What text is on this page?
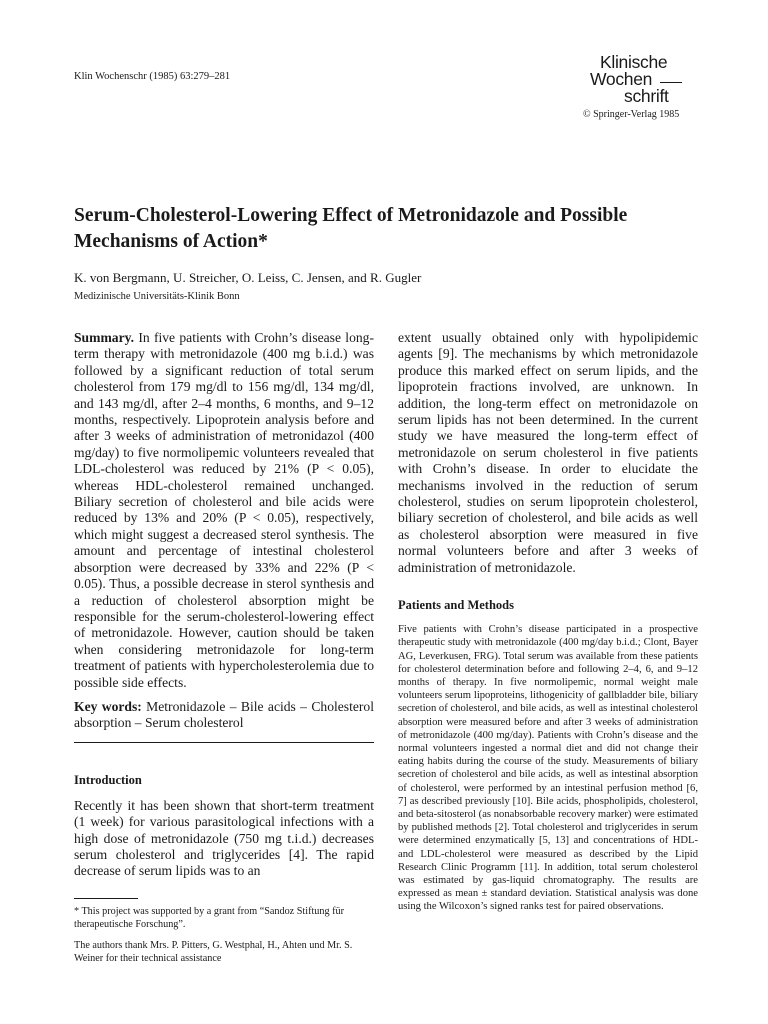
Klin Wochenschr (1985) 63:279–281
Klinische
Wochen
schrift
© Springer-Verlag 1985
Serum-Cholesterol-Lowering Effect of Metronidazole and Possible Mechanisms of Action*
K. von Bergmann, U. Streicher, O. Leiss, C. Jensen, and R. Gugler
Medizinische Universitäts-Klinik Bonn

Summary. In five patients with Crohn’s disease long-term therapy with metronidazole (400 mg b.i.d.) was followed by a significant reduction of total serum cholesterol from 179 mg/dl to 156 mg/dl, 134 mg/dl, and 143 mg/dl, after 2–4 months, 6 months, and 9–12 months, respectively. Lipoprotein analysis before and after 3 weeks of administration of metronidazol (400 mg/day) to five normolipemic volunteers revealed that LDL-cholesterol was reduced by 21% (P < 0.05), whereas HDL-cholesterol remained unchanged. Biliary secretion of cholesterol and bile acids were reduced by 13% and 20% (P < 0.05), respectively, which might suggest a decreased sterol synthesis. The amount and percentage of intestinal cholesterol absorption were decreased by 33% and 22% (P < 0.05). Thus, a possible decrease in sterol synthesis and a reduction of cholesterol absorption might be responsible for the serum-cholesterol-lowering effect of metronidazole. However, caution should be taken when considering metronidazole for long-term treatment of patients with hypercholesterolemia due to possible side effects.

Key words: Metronidazole – Bile acids – Cholesterol absorption – Serum cholesterol

Introduction

Recently it has been shown that short-term treatment (1 week) for various parasitological infections with a high dose of metronidazole (750 mg t.i.d.) decreases serum cholesterol and triglycerides [4]. The rapid decrease of serum lipids was to an

extent usually obtained only with hypolipidemic agents [9]. The mechanisms by which metronidazole produce this marked effect on serum lipids, and the lipoprotein fractions involved, are unknown. In addition, the long-term effect on metronidazole on serum lipids has not been determined. In the current study we have measured the long-term effect of metronidazole on serum cholesterol in five patients with Crohn’s disease. In order to elucidate the mechanisms involved in the reduction of serum cholesterol, studies on serum lipoprotein cholesterol, biliary secretion of cholesterol, and bile acids as well as cholesterol absorption were measured in five normal volunteers before and after 3 weeks of administration of metronidazole.

Patients and Methods

Five patients with Crohn’s disease participated in a prospective therapeutic study with metronidazole (400 mg/day b.i.d.; Clont, Bayer AG, Leverkusen, FRG). Total serum was available from these patients for cholesterol determination before and following 2–4, 6, and 9–12 months of therapy. In five normolipemic, normal weight male volunteers serum lipoproteins, lithogenicity of gallbladder bile, biliary secretion of cholesterol, and bile acids, as well as intestinal cholesterol absorption were measured before and after 3 weeks of administration of metronidazole (400 mg/day). Patients with Crohn’s disease and the normal volunteers ingested a normal diet and did not change their eating habits during the course of the study. Measurements of biliary secretion of cholesterol and bile acids, as well as intestinal absorption of cholesterol, were performed by an intestinal perfusion method [6, 7] as described previously [10]. Bile acids, phospholipids, cholesterol, and beta-sitosterol (as nonabsorbable recovery marker) were estimated by published methods [2]. Total cholesterol and triglycerides in serum were determined enzymatically [5, 13] and concentrations of HDL- and LDL-cholesterol were measured as described by the Lipid Research Clinic Programm [11]. In addition, total serum cholesterol was estimated by gas-liquid chromatography. The results are expressed as mean ± standard deviation. Statistical analysis was done using the Wilcoxon’s signed ranks test for paired observations.

* This project was supported by a grant from “Sandoz Stiftung für therapeutische Forschung”.

The authors thank Mrs. P. Pitters, G. Westphal, H., Ahten und Mr. S. Weiner for their technical assistance
